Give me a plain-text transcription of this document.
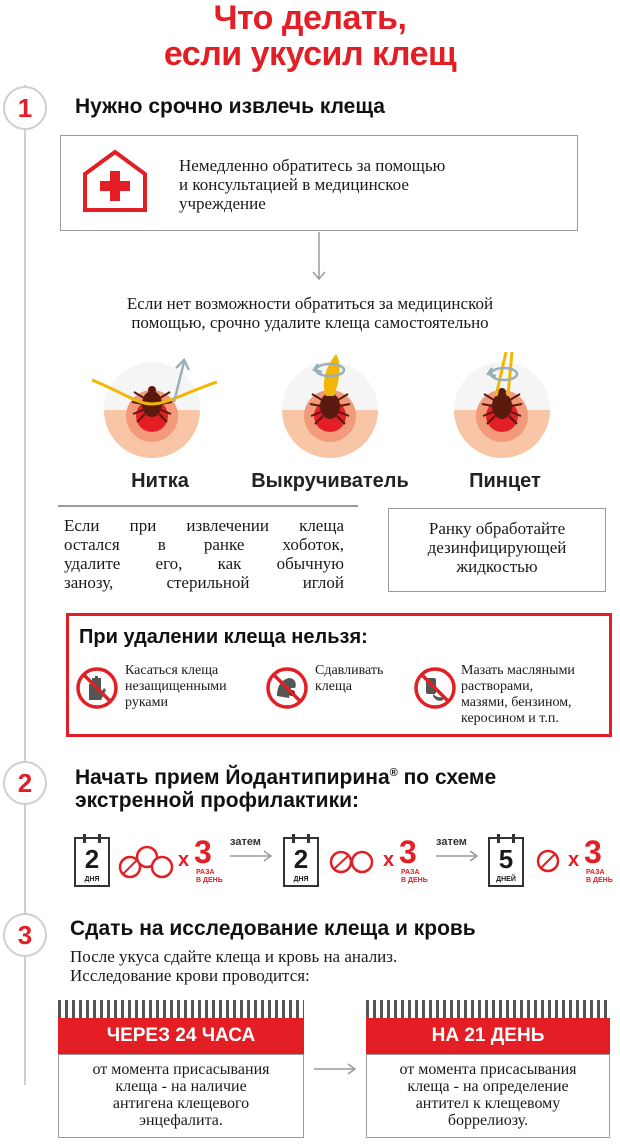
Что делать,
если укусил клещ
1	Нужно срочно извлечь клеща
Немедленно обратитесь за помощью
и консультацией в медицинское
учреждение
Если нет возможности обратиться за медицинской
помощью, срочно удалите клеща самостоятельно
Нитка	Выкручиватель	Пинцет
Если при извлечении клеща
остался в ранке хоботок,
удалите его, как обычную
занозу, стерильной иглой
Ранку обработайте
дезинфицирующей
жидкостью
При удалении клеща нельзя:
Касаться клеща
незащищенными
руками
Сдавливать
клеща
Мазать масляными
растворами,
мазями, бензином,
керосином и т.п.
2	Начать прием Йодантипирина® по схеме
экстренной профилактики:
2
ДНЯ
х 3
РАЗА
В ДЕНЬ
затем
2
ДНЯ
х 3
РАЗА
В ДЕНЬ
затем
5
ДНЕЙ
х 3
РАЗА
В ДЕНЬ
3	Сдать на исследование клеща и кровь
После укуса сдайте клеща и кровь на анализ.
Исследование крови проводится:
ЧЕРЕЗ 24 ЧАСА
от момента присасывания
клеща - на наличие
антигена клещевого
энцефалита.
НА 21 ДЕНЬ
от момента присасывания
клеща - на определение
антител к клещевому
боррелиозу.
